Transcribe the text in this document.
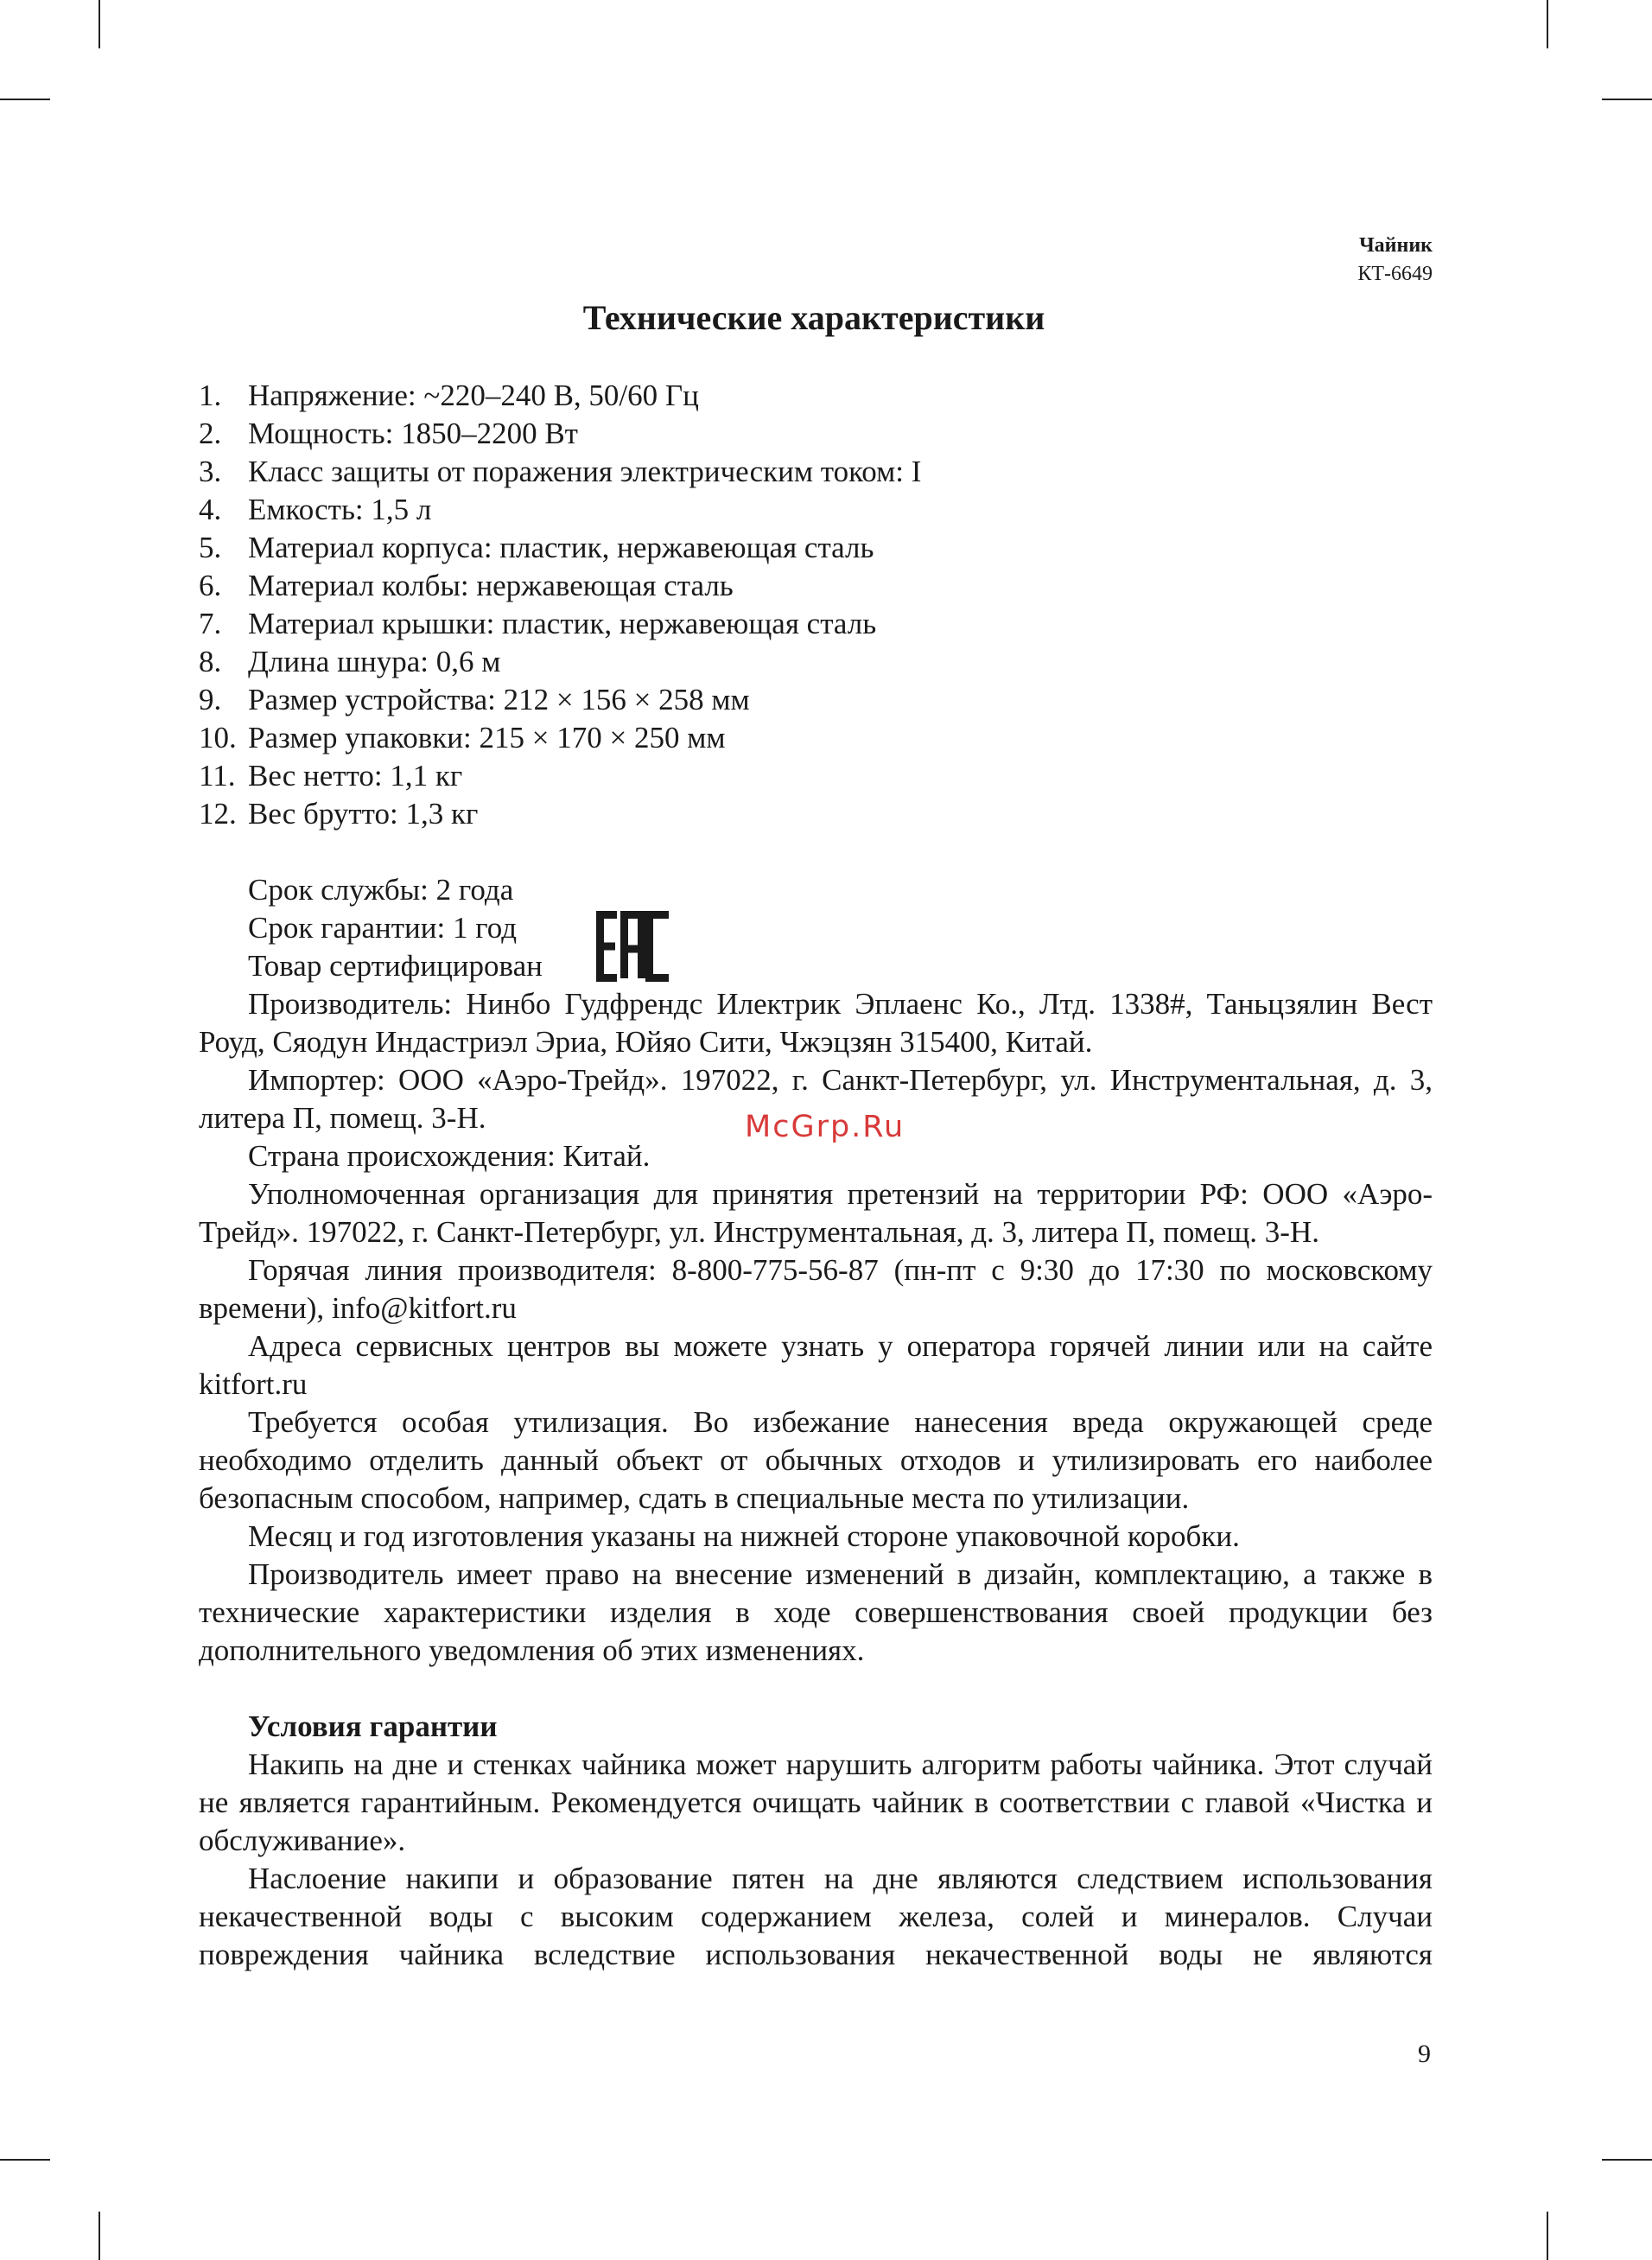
Чайник
КТ-6649
Технические характеристики
1. Напряжение: ~220–240 В, 50/60 Гц
2. Мощность: 1850–2200 Вт
3. Класс защиты от поражения электрическим током: I
4. Емкость: 1,5 л
5. Материал корпуса: пластик, нержавеющая сталь
6. Материал колбы: нержавеющая сталь
7. Материал крышки: пластик, нержавеющая сталь
8. Длина шнура: 0,6 м
9. Размер устройства: 212 × 156 × 258 мм
10. Размер упаковки: 215 × 170 × 250 мм
11. Вес нетто: 1,1 кг
12. Вес брутто: 1,3 кг

Срок службы: 2 года

Срок гарантии: 1 год

Товар сертифицирован

Производитель: Нинбо Гудфрендс Илектрик Эплаенс Ко., Лтд. 1338#, Таньцзялин Вест Роуд, Сяодун Индастриэл Эриа, Юйяо Сити, Чжэцзян 315400, Китай.

Импортер: ООО «Аэро-Трейд». 197022, г. Санкт-Петербург, ул. Инструментальная, д. 3, литера П, помещ. 3-Н.

Страна происхождения: Китай.

Уполномоченная организация для принятия претензий на территории РФ: ООО «Аэро-Трейд». 197022, г. Санкт-Петербург, ул. Инструментальная, д. 3, литера П, помещ. 3-Н.

Горячая линия производителя: 8-800-775-56-87 (пн-пт с 9:30 до 17:30 по московскому времени), info@kitfort.ru

Адреса сервисных центров вы можете узнать у оператора горячей линии или на сайте kitfort.ru

Требуется особая утилизация. Во избежание нанесения вреда окружающей среде необходимо отделить данный объект от обычных отходов и утилизировать его наиболее безопасным способом, например, сдать в специальные места по утилизации.

Месяц и год изготовления указаны на нижней стороне упаковочной коробки.

Производитель имеет право на внесение изменений в дизайн, комплектацию, а также в технические характеристики изделия в ходе совершенствования своей продукции без дополнительного уведомления об этих изменениях.

Условия гарантии

Накипь на дне и стенках чайника может нарушить алгоритм работы чайника. Этот случай не является гарантийным. Рекомендуется очищать чайник в соответствии с главой «Чистка и обслуживание».

Наслоение накипи и образование пятен на дне являются следствием использования некачественной воды с высоким содержанием железа, солей и минералов. Случаи повреждения чайника вследствие использования некачественной воды не являются

McGrp.Ru
9
